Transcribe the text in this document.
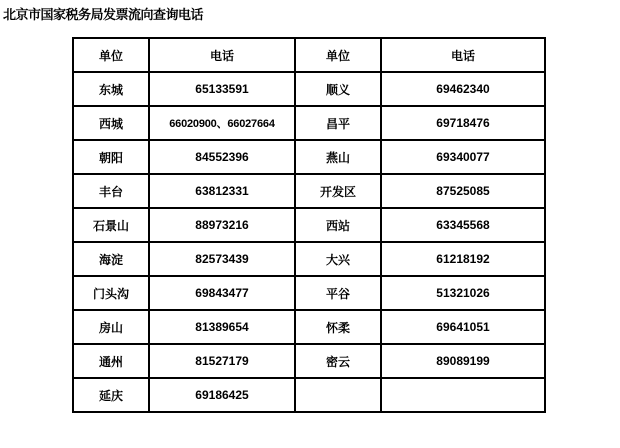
北京市国家税务局发票流向查询电话
单位	电话	单位	电话
东城	65133591	顺义	69462340
西城	66020900、66027664	昌平	69718476
朝阳	84552396	燕山	69340077
丰台	63812331	开发区	87525085
石景山	88973216	西站	63345568
海淀	82573439	大兴	61218192
门头沟	69843477	平谷	51321026
房山	81389654	怀柔	69641051
通州	81527179	密云	89089199
延庆	69186425		
